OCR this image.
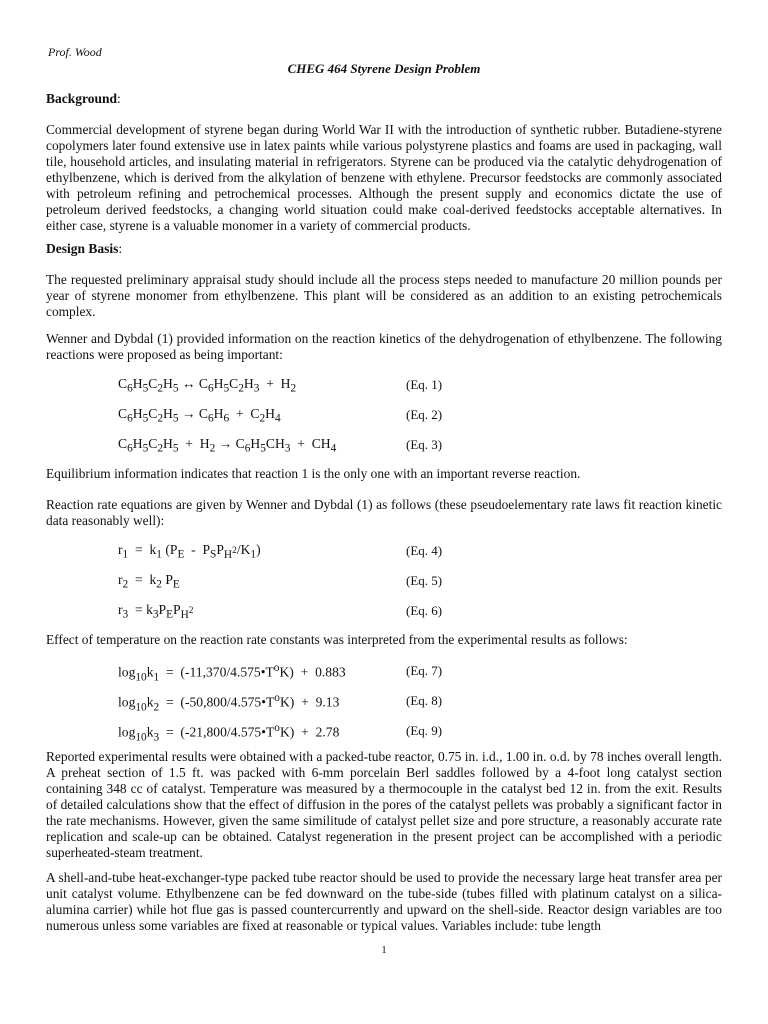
Prof. Wood
CHEG 464 Styrene Design Problem
Background:

Commercial development of styrene began during World War II with the introduction of synthetic rubber. Butadiene-styrene copolymers later found extensive use in latex paints while various polystyrene plastics and foams are used in packaging, wall tile, household articles, and insulating material in refrigerators. Styrene can be produced via the catalytic dehydrogenation of ethylbenzene, which is derived from the alkylation of benzene with ethylene. Precursor feedstocks are commonly associated with petroleum refining and petrochemical processes. Although the present supply and economics dictate the use of petroleum derived feedstocks, a changing world situation could make coal-derived feedstocks acceptable alternatives. In either case, styrene is a valuable monomer in a variety of commercial products.

Design Basis:

The requested preliminary appraisal study should include all the process steps needed to manufacture 20 million pounds per year of styrene monomer from ethylbenzene. This plant will be considered as an addition to an existing petrochemicals complex.

Wenner and Dybdal (1) provided information on the reaction kinetics of the dehydrogenation of ethylbenzene. The following reactions were proposed as being important:

$C_6H_5C_2H_5$ ↔ $C_6H_5C_2H_3 + H_2$	(Eq. 1)
$C_6H_5C_2H_5 \to C_6H_6 + C_2H_4$	(Eq. 2)
$C_6H_5C_2H_5 + H_2 \to C_6H_5CH_3 + CH_4$	(Eq. 3)

Equilibrium information indicates that reaction 1 is the only one with an important reverse reaction.

Reaction rate equations are given by Wenner and Dybdal (1) as follows (these pseudoelementary rate laws fit reaction kinetic data reasonably well):

$r_1 = k_1$ $(P_E - P_SP_{H^2}/K_1)$	(Eq. 4)
$r_2 = k_2$ $P_E$	(Eq. 5)
$r_3 = k_3P_EP_{H^2}$	(Eq. 6)

Effect of temperature on the reaction rate constants was interpreted from the experimental results as follows:

$\log_{10}k_1$  =  $(-11,370/4.575•T^oK) + 0.883$	(Eq. 7)
$\log_{10}k_2$  =  $(-50,800/4.575•T^oK) + 9.13$	(Eq. 8)
$\log_{10}k_3$  =  $(-21,800/4.575•T^oK) + 2.78$	(Eq. 9)

Reported experimental results were obtained with a packed-tube reactor, 0.75 in. i.d., 1.00 in. o.d. by 78 inches overall length. A preheat section of 1.5 ft. was packed with 6-mm porcelain Berl saddles followed by a 4-foot long catalyst section containing 348 cc of catalyst. Temperature was measured by a thermocouple in the catalyst bed 12 in. from the exit. Results of detailed calculations show that the effect of diffusion in the pores of the catalyst pellets was probably a significant factor in the rate mechanisms. However, given the same similitude of catalyst pellet size and pore structure, a reasonably accurate rate replication and scale-up can be obtained. Catalyst regeneration in the present project can be accomplished with a periodic superheated-steam treatment.

A shell-and-tube heat-exchanger-type packed tube reactor should be used to provide the necessary large heat transfer area per unit catalyst volume. Ethylbenzene can be fed downward on the tube-side (tubes filled with platinum catalyst on a silica-alumina carrier) while hot flue gas is passed countercurrently and upward on the shell-side. Reactor design variables are too numerous unless some variables are fixed at reasonable or typical values. Variables include: tube length

1
